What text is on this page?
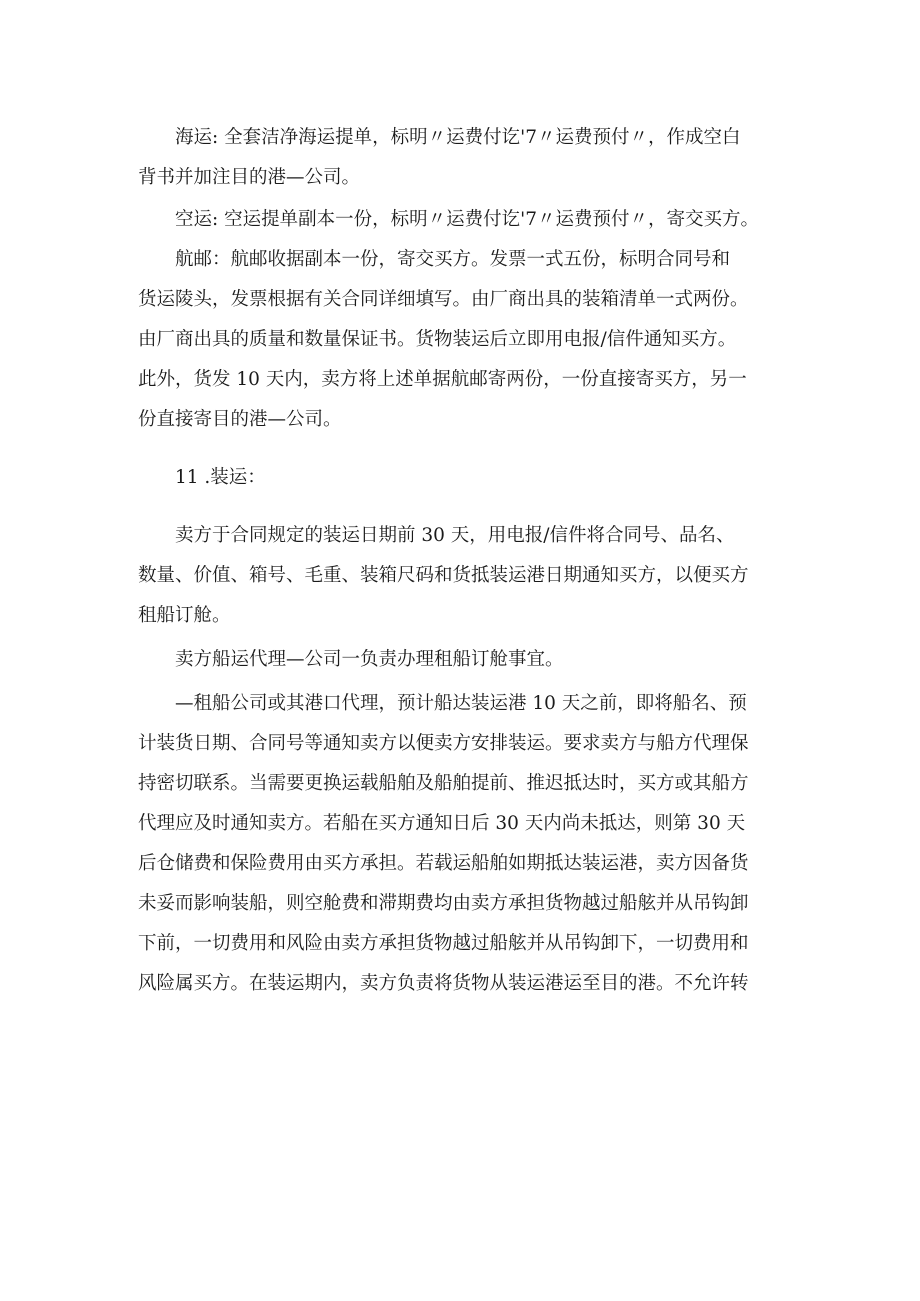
海运: 全套洁净海运提单，标明〃运费付讫'7〃运费预付〃，作成空白
背书并加注目的港—公司。

空运: 空运提单副本一份，标明〃运费付讫'7〃运费预付〃，寄交买方。

航邮：航邮收据副本一份，寄交买方。发票一式五份，标明合同号和
货运陵头，发票根据有关合同详细填写。由厂商出具的装箱清单一式两份。
由厂商出具的质量和数量保证书。货物装运后立即用电报/信件通知买方。
此外，货发 10 天内，卖方将上述单据航邮寄两份，一份直接寄买方，另一
份直接寄目的港—公司。

11 .装运：

卖方于合同规定的装运日期前 30 天，用电报/信件将合同号、品名、
数量、价值、箱号、毛重、装箱尺码和货抵装运港日期通知买方，以便买方
租船订舱。

卖方船运代理—公司一负责办理租船订舱事宜。

—租船公司或其港口代理，预计船达装运港 10 天之前，即将船名、预
计装货日期、合同号等通知卖方以便卖方安排装运。要求卖方与船方代理保
持密切联系。当需要更换运载船舶及船舶提前、推迟抵达时，买方或其船方
代理应及时通知卖方。若船在买方通知日后 30 天内尚未抵达，则第 30 天
后仓储费和保险费用由买方承担。若载运船舶如期抵达装运港，卖方因备货
未妥而影响装船，则空舱费和滞期费均由卖方承担货物越过船舷并从吊钩卸
下前，一切费用和风险由卖方承担货物越过船舷并从吊钩卸下，一切费用和
风险属买方。在装运期内，卖方负责将货物从装运港运至目的港。不允许转
